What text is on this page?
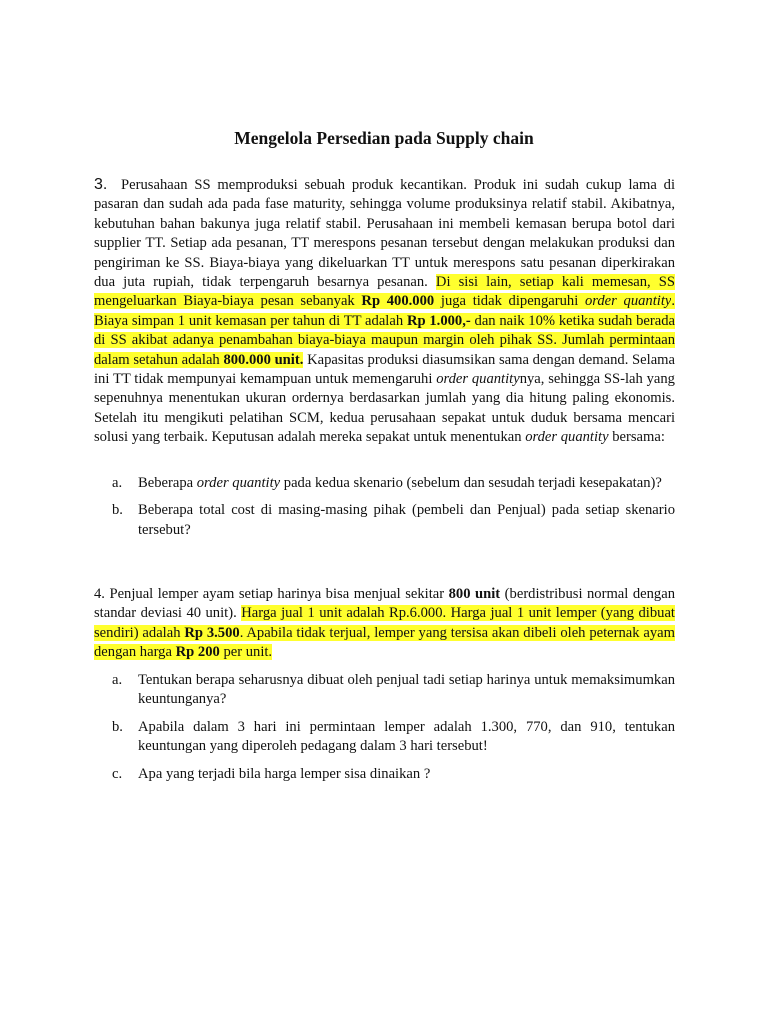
Mengelola Persedian pada Supply chain
3. Perusahaan SS memproduksi sebuah produk kecantikan. Produk ini sudah cukup lama di pasaran dan sudah ada pada fase maturity, sehingga volume produksinya relatif stabil. Akibatnya, kebutuhan bahan bakunya juga relatif stabil. Perusahaan ini membeli kemasan berupa botol dari supplier TT. Setiap ada pesanan, TT merespons pesanan tersebut dengan melakukan produksi dan pengiriman ke SS. Biaya-biaya yang dikeluarkan TT untuk merespons satu pesanan diperkirakan dua juta rupiah, tidak terpengaruh besarnya pesanan. Di sisi lain, setiap kali memesan, SS mengeluarkan Biaya-biaya pesan sebanyak Rp 400.000 juga tidak dipengaruhi order quantity. Biaya simpan 1 unit kemasan per tahun di TT adalah Rp 1.000,- dan naik 10% ketika sudah berada di SS akibat adanya penambahan biaya-biaya maupun margin oleh pihak SS. Jumlah permintaan dalam setahun adalah 800.000 unit. Kapasitas produksi diasumsikan sama dengan demand. Selama ini TT tidak mempunyai kemampuan untuk memengaruhi order quantitynya, sehingga SS-lah yang sepenuhnya menentukan ukuran ordernya berdasarkan jumlah yang dia hitung paling ekonomis. Setelah itu mengikuti pelatihan SCM, kedua perusahaan sepakat untuk duduk bersama mencari solusi yang terbaik. Keputusan adalah mereka sepakat untuk menentukan order quantity bersama:
a. Beberapa order quantity pada kedua skenario (sebelum dan sesudah terjadi kesepakatan)?
b. Beberapa total cost di masing-masing pihak (pembeli dan Penjual) pada setiap skenario tersebut?
4. Penjual lemper ayam setiap harinya bisa menjual sekitar 800 unit (berdistribusi normal dengan standar deviasi 40 unit). Harga jual 1 unit adalah Rp.6.000. Harga jual 1 unit lemper (yang dibuat sendiri) adalah Rp 3.500. Apabila tidak terjual, lemper yang tersisa akan dibeli oleh peternak ayam dengan harga Rp 200 per unit.
a. Tentukan berapa seharusnya dibuat oleh penjual tadi setiap harinya untuk memaksimumkan keuntunganya?
b. Apabila dalam 3 hari ini permintaan lemper adalah 1.300, 770, dan 910, tentukan keuntungan yang diperoleh pedagang dalam 3 hari tersebut!
c. Apa yang terjadi bila harga lemper sisa dinaikan ?
